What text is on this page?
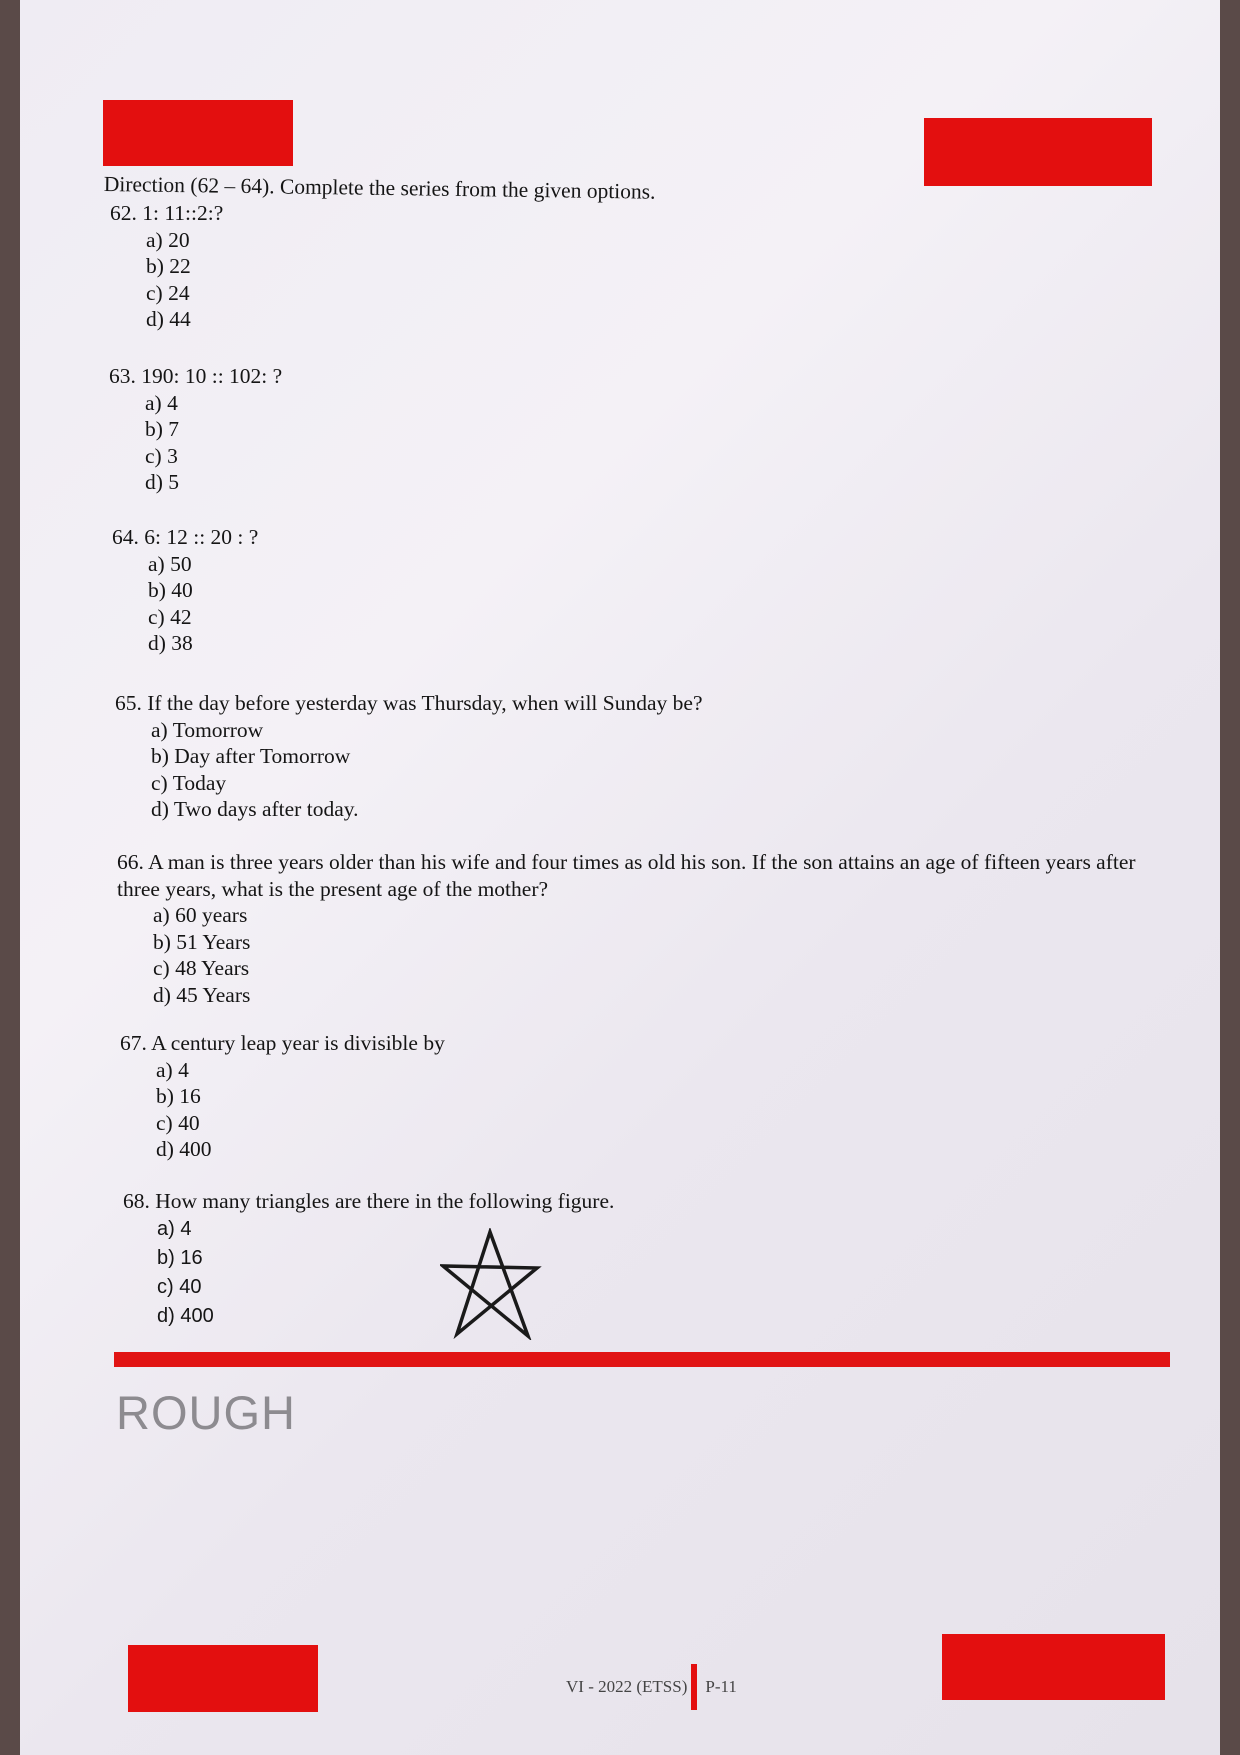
Direction (62 – 64). Complete the series from the given options.
62. 1: 11::2:?
a) 20
b) 22
c) 24
d) 44
63. 190: 10 :: 102: ?
a) 4
b) 7
c) 3
d) 5
64. 6: 12 :: 20 : ?
a) 50
b) 40
c) 42
d) 38
65. If the day before yesterday was Thursday, when will Sunday be?
a) Tomorrow
b) Day after Tomorrow
c) Today
d) Two days after today.
66. A man is three years older than his wife and four times as old his son. If the son attains an age of fifteen years after three years, what is the present age of the mother?
a) 60 years
b) 51 Years
c) 48 Years
d) 45 Years
67. A century leap year is divisible by
a) 4
b) 16
c) 40
d) 400
68. How many triangles are there in the following figure.
a) 4
b) 16
c) 40
d) 400
ROUGH
VI - 2022 (ETSS) P-11
